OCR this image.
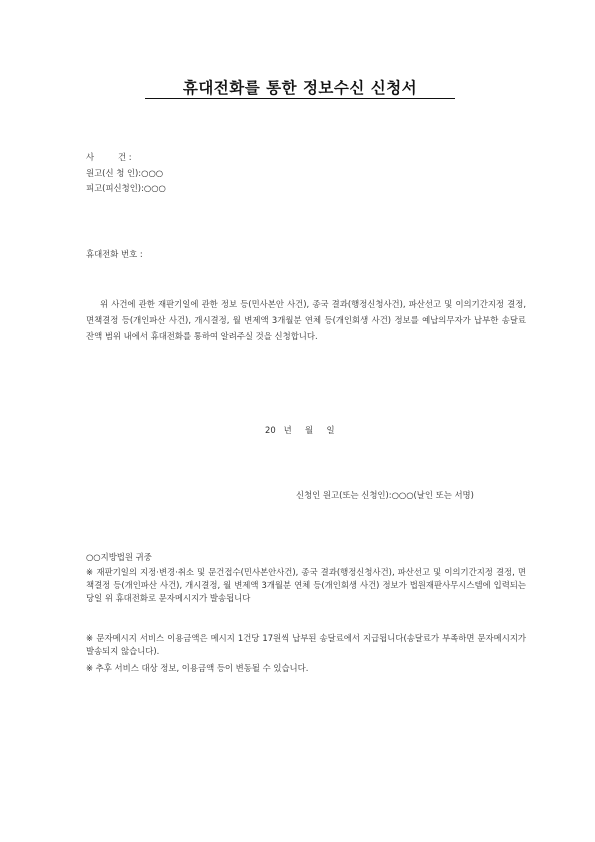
휴대전화를 통한 정보수신 신청서
사         건 :
원고(신 청 인):○○○
피고(피신청인):○○○
휴대전화 번호 :
위 사건에 관한 재판기일에 관한 정보 등(민사본안 사건), 종국 결과(행정신청사건), 파산선고 및 이의기간지정 결정, 면책결정 등(개인파산 사건), 개시결정, 월 변제액 3개월분 연체 등(개인회생 사건) 정보를 예납의무자가 납부한 송달료 잔액 범위 내에서 휴대전화를 통하여 알려주실 것을 신청합니다.
20   년     월     일
신청인 원고(또는 신청인):○○○(날인 또는 서명)
○○지방법원 귀중
※ 재판기일의 지정·변경·취소 및 문건접수(민사본안사건), 종국 결과(행정신청사건), 파산선고 및 이의기간지정 결정, 면책결정 등(개인파산 사건), 개시결정, 월 변제액 3개월분 연체 등(개인회생 사건) 정보가 법원재판사무시스템에 입력되는 당일 위 휴대전화로 문자메시지가 발송됩니다
※ 문자메시지 서비스 이용금액은 메시지 1건당 17원씩 납부된 송달료에서 지급됩니다(송달료가 부족하면 문자메시지가 발송되지 않습니다).
※ 추후 서비스 대상 정보, 이용금액 등이 변동될 수 있습니다.
